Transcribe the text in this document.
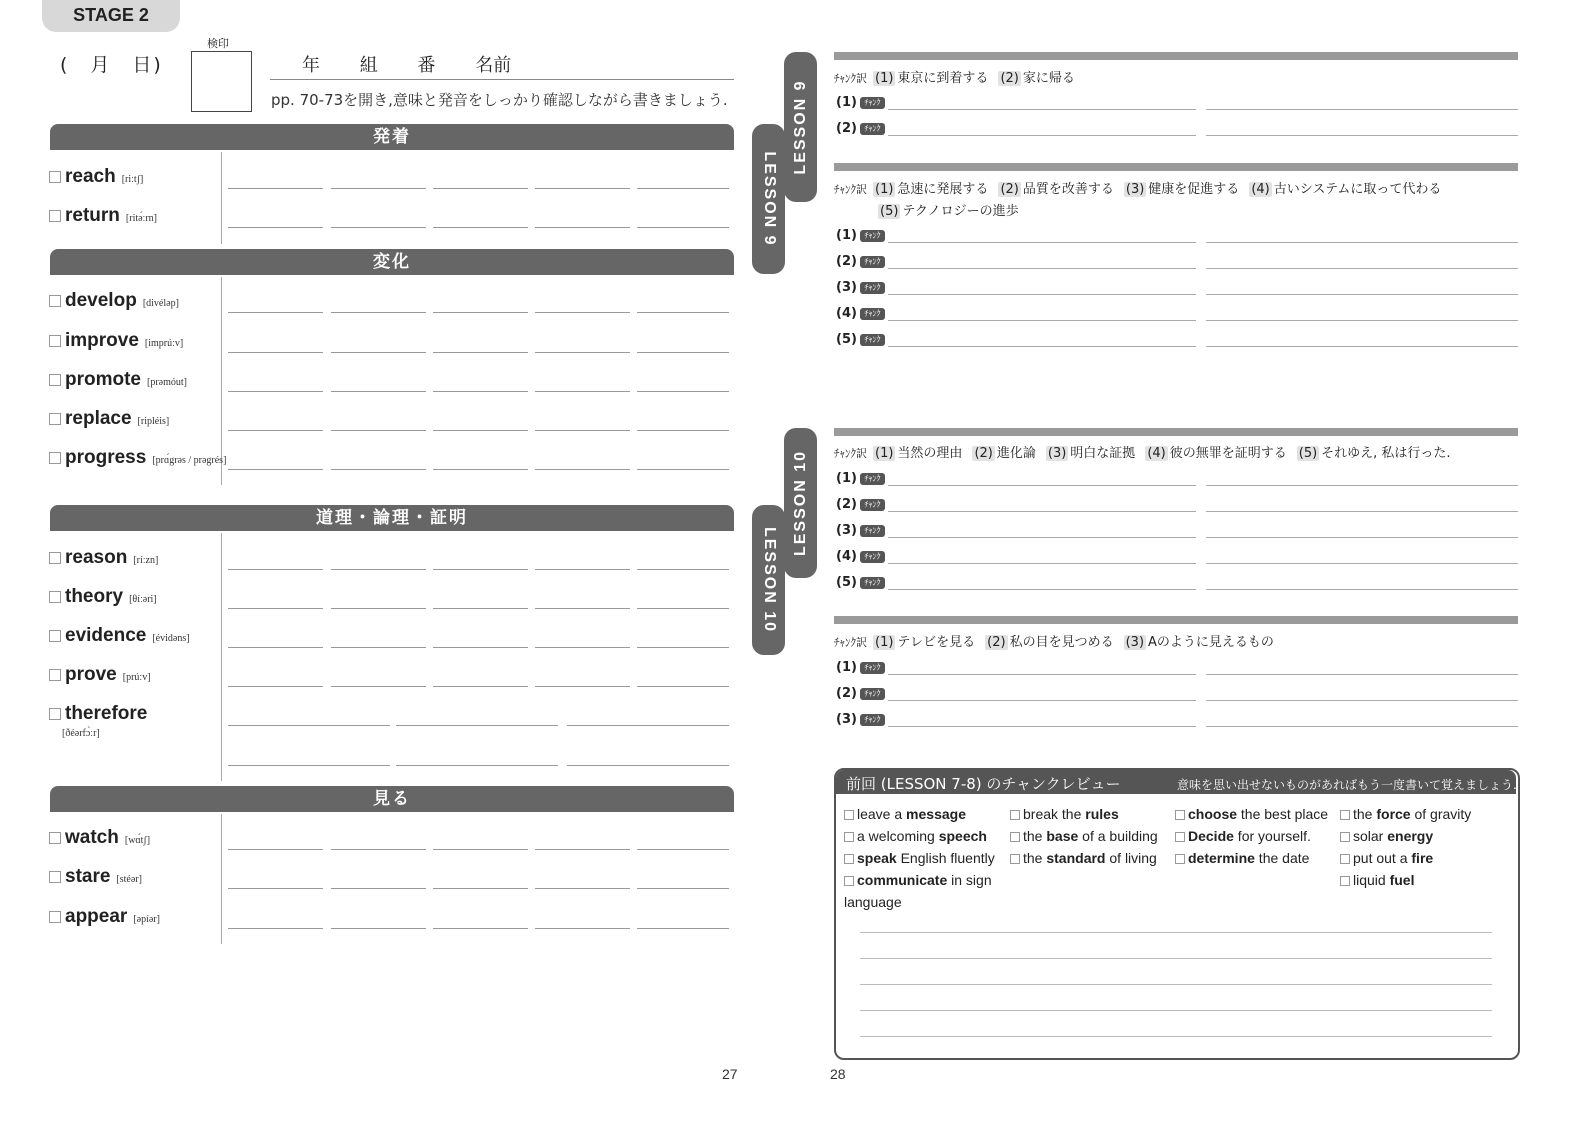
STAGE 2
(　月　日)
検印
年 組 番 名前
pp. 70-73を開き,意味と発音をしっかり確認しながら書きましょう.
発着
reach [riːtʃ]
return [ritə́ːrn]
変化
develop [divéləp]
improve [imprúːv]
promote [prəmóut]
replace [ripléis]
progress [prɑ́grəs / prəgrés]
道理・論理・証明
reason [ríːzn]
theory [θíːəri]
evidence [évidəns]
prove [prúːv]
therefore
[ðéərfɔ̀ːr]
見る
watch [wɑ́tʃ]
stare [stéər]
appear [əpíər]
LESSON 9
LESSON 9
LESSON 10
LESSON 10
ﾁｬﾝｸ訳 (1) 東京に到着する (2) 家に帰る
(1) ﾁｬﾝｸ
(2) ﾁｬﾝｸ
ﾁｬﾝｸ訳 (1) 急速に発展する (2) 品質を改善する (3) 健康を促進する (4) 古いシステムに取って代わる
(5) テクノロジーの進歩
(1) ﾁｬﾝｸ
(2) ﾁｬﾝｸ
(3) ﾁｬﾝｸ
(4) ﾁｬﾝｸ
(5) ﾁｬﾝｸ
ﾁｬﾝｸ訳 (1) 当然の理由 (2) 進化論 (3) 明白な証拠 (4) 彼の無罪を証明する (5) それゆえ, 私は行った.
(1) ﾁｬﾝｸ
(2) ﾁｬﾝｸ
(3) ﾁｬﾝｸ
(4) ﾁｬﾝｸ
(5) ﾁｬﾝｸ
ﾁｬﾝｸ訳 (1) テレビを見る (2) 私の目を見つめる (3) Aのように見えるもの
(1) ﾁｬﾝｸ
(2) ﾁｬﾝｸ
(3) ﾁｬﾝｸ
前回 (LESSON 7-8) のチャンクレビュー	意味を思い出せないものがあればもう一度書いて覚えましょう.
leave a message
a welcoming speech
speak English fluently
communicate in sign language
break the rules
the base of a building
the standard of living
choose the best place
Decide for yourself.
determine the date
the force of gravity
solar energy
put out a fire
liquid fuel
27	28
